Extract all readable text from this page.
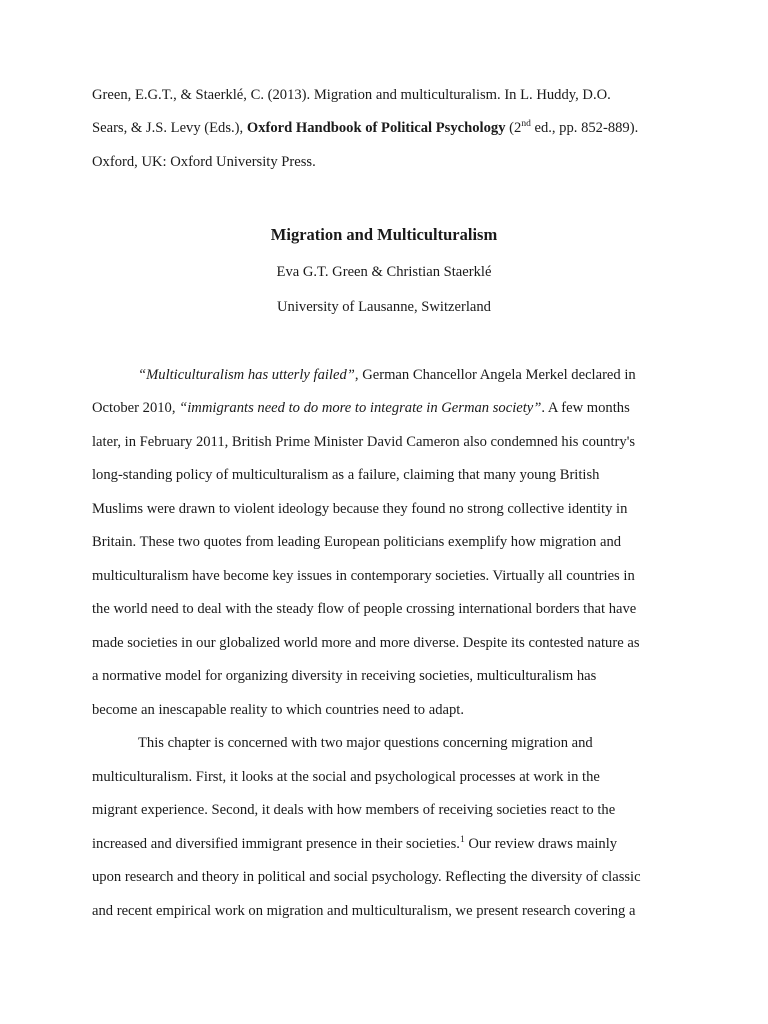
Green, E.G.T., & Staerklé, C. (2013). Migration and multiculturalism. In L. Huddy, D.O.
Sears, & J.S. Levy (Eds.), Oxford Handbook of Political Psychology (2nd ed., pp. 852-889).
Oxford, UK: Oxford University Press.
Migration and Multiculturalism
Eva G.T. Green & Christian Staerklé
University of Lausanne, Switzerland
“Multiculturalism has utterly failed”, German Chancellor Angela Merkel declared in
October 2010, “immigrants need to do more to integrate in German society”. A few months
later, in February 2011, British Prime Minister David Cameron also condemned his country's
long-standing policy of multiculturalism as a failure, claiming that many young British
Muslims were drawn to violent ideology because they found no strong collective identity in
Britain. These two quotes from leading European politicians exemplify how migration and
multiculturalism have become key issues in contemporary societies. Virtually all countries in
the world need to deal with the steady flow of people crossing international borders that have
made societies in our globalized world more and more diverse. Despite its contested nature as
a normative model for organizing diversity in receiving societies, multiculturalism has
become an inescapable reality to which countries need to adapt.
This chapter is concerned with two major questions concerning migration and
multiculturalism. First, it looks at the social and psychological processes at work in the
migrant experience. Second, it deals with how members of receiving societies react to the
increased and diversified immigrant presence in their societies.$^1$ Our review draws mainly
upon research and theory in political and social psychology. Reflecting the diversity of classic
and recent empirical work on migration and multiculturalism, we present research covering a
